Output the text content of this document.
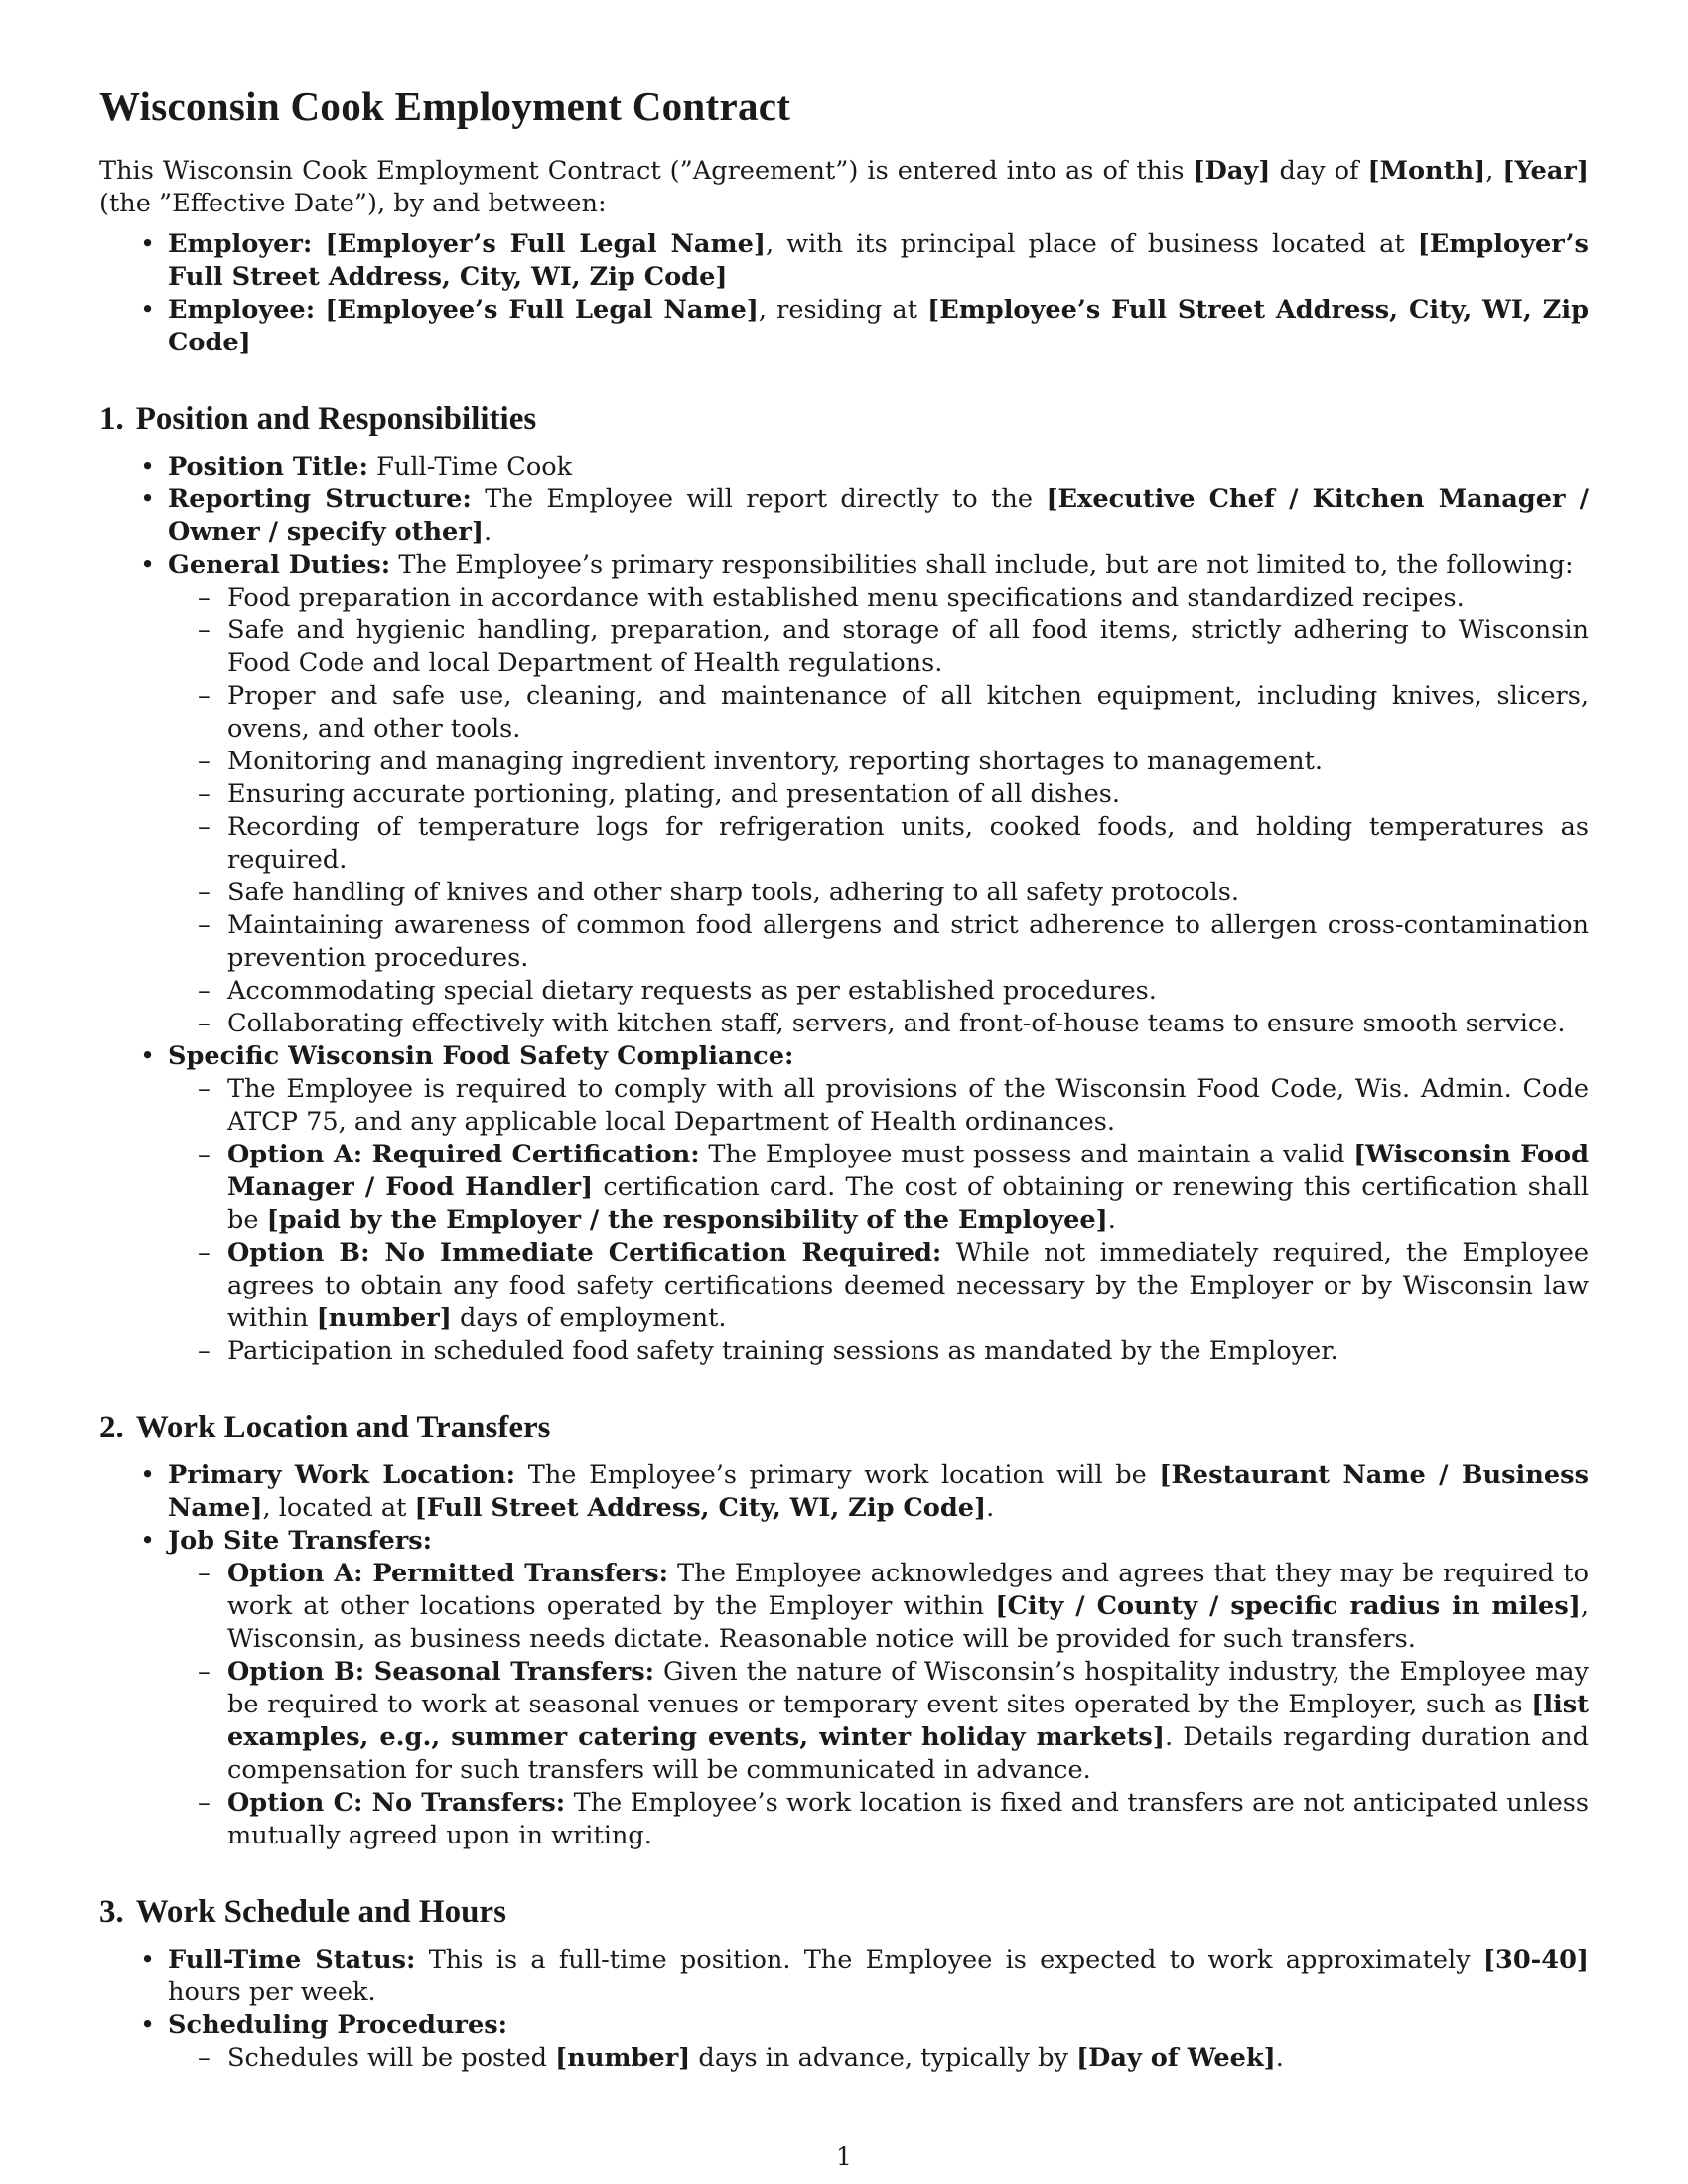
Wisconsin Cook Employment Contract

This Wisconsin Cook Employment Contract (”Agreement”) is entered into as of this [Day] day of [Month], [Year] (the ”Effective Date”), by and between:

• Employer: [Employer’s Full Legal Name], with its principal place of business located at [Employer’s Full Street Address, City, WI, Zip Code]
• Employee: [Employee’s Full Legal Name], residing at [Employee’s Full Street Address, City, WI, Zip Code]
1. Position and Responsibilities
• Position Title: Full-Time Cook
• Reporting Structure: The Employee will report directly to the [Executive Chef / Kitchen Manager / Owner / specify other].
• General Duties: The Employee’s primary responsibilities shall include, but are not limited to, the following:
– Food preparation in accordance with established menu specifications and standardized recipes.
– Safe and hygienic handling, preparation, and storage of all food items, strictly adhering to Wisconsin Food Code and local Department of Health regulations.
– Proper and safe use, cleaning, and maintenance of all kitchen equipment, including knives, slicers, ovens, and other tools.
– Monitoring and managing ingredient inventory, reporting shortages to management.
– Ensuring accurate portioning, plating, and presentation of all dishes.
– Recording of temperature logs for refrigeration units, cooked foods, and holding temperatures as required.
– Safe handling of knives and other sharp tools, adhering to all safety protocols.
– Maintaining awareness of common food allergens and strict adherence to allergen cross-contamination prevention procedures.
– Accommodating special dietary requests as per established procedures.
– Collaborating effectively with kitchen staff, servers, and front-of-house teams to ensure smooth service.
• Specific Wisconsin Food Safety Compliance:
– The Employee is required to comply with all provisions of the Wisconsin Food Code, Wis. Admin. Code ATCP 75, and any applicable local Department of Health ordinances.
– Option A: Required Certification: The Employee must possess and maintain a valid [Wisconsin Food Manager / Food Handler] certification card. The cost of obtaining or renewing this certification shall be [paid by the Employer / the responsibility of the Employee].
– Option B: No Immediate Certification Required: While not immediately required, the Employee agrees to obtain any food safety certifications deemed necessary by the Employer or by Wisconsin law within [number] days of employment.
– Participation in scheduled food safety training sessions as mandated by the Employer.
2. Work Location and Transfers
• Primary Work Location: The Employee’s primary work location will be [Restaurant Name / Business Name], located at [Full Street Address, City, WI, Zip Code].
• Job Site Transfers:
– Option A: Permitted Transfers: The Employee acknowledges and agrees that they may be required to work at other locations operated by the Employer within [City / County / specific radius in miles], Wisconsin, as business needs dictate. Reasonable notice will be provided for such transfers.
– Option B: Seasonal Transfers: Given the nature of Wisconsin’s hospitality industry, the Employee may be required to work at seasonal venues or temporary event sites operated by the Employer, such as [list examples, e.g., summer catering events, winter holiday markets]. Details regarding duration and compensation for such transfers will be communicated in advance.
– Option C: No Transfers: The Employee’s work location is fixed and transfers are not anticipated unless mutually agreed upon in writing.
3. Work Schedule and Hours
• Full-Time Status: This is a full-time position. The Employee is expected to work approximately [30-40] hours per week.
• Scheduling Procedures:
– Schedules will be posted [number] days in advance, typically by [Day of Week].
1
